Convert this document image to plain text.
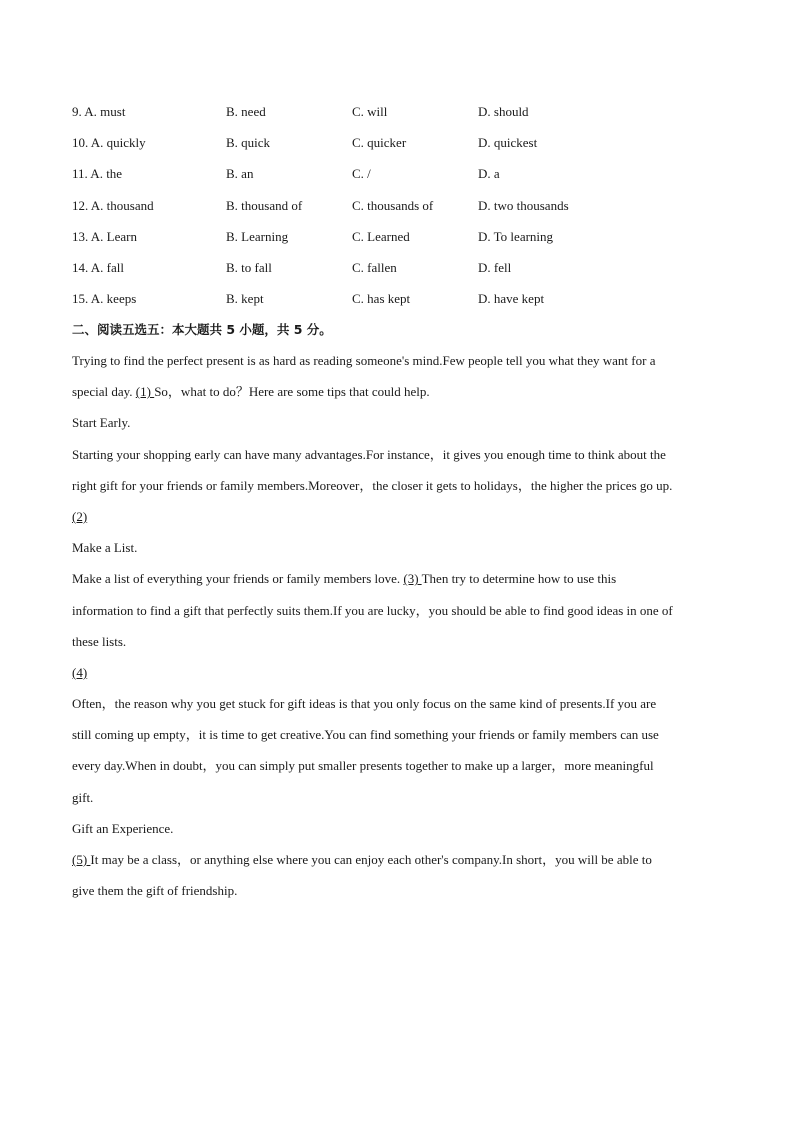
9. A. must	B. need	C. will	D. should
10. A. quickly	B. quick	C. quicker	D. quickest
11. A. the	B. an	C. /	D. a
12. A. thousand	B. thousand of	C. thousands of	D. two thousands
13. A. Learn	B. Learning	C. Learned	D. To learning
14. A. fall	B. to fall	C. fallen	D. fell
15. A. keeps	B. kept	C. has kept	D. have kept
二、阅读五选五：本大题共 5 小题，共 5 分。
Trying to find the perfect present is as hard as reading someone's mind.Few people tell you what they want for a
special day. (1) So，what to do？Here are some tips that could help.
Start Early.
Starting your shopping early can have many advantages.For instance，it gives you enough time to think about the
right gift for your friends or family members.Moreover，the closer it gets to holidays，the higher the prices go up.
(2)
Make a List.
Make a list of everything your friends or family members love. (3) Then try to determine how to use this
information to find a gift that perfectly suits them.If you are lucky，you should be able to find good ideas in one of
these lists.
(4)
Often，the reason why you get stuck for gift ideas is that you only focus on the same kind of presents.If you are
still coming up empty，it is time to get creative.You can find something your friends or family members can use
every day.When in doubt，you can simply put smaller presents together to make up a larger，more meaningful
gift.
Gift an Experience.
(5) It may be a class，or anything else where you can enjoy each other's company.In short，you will be able to
give them the gift of friendship.
